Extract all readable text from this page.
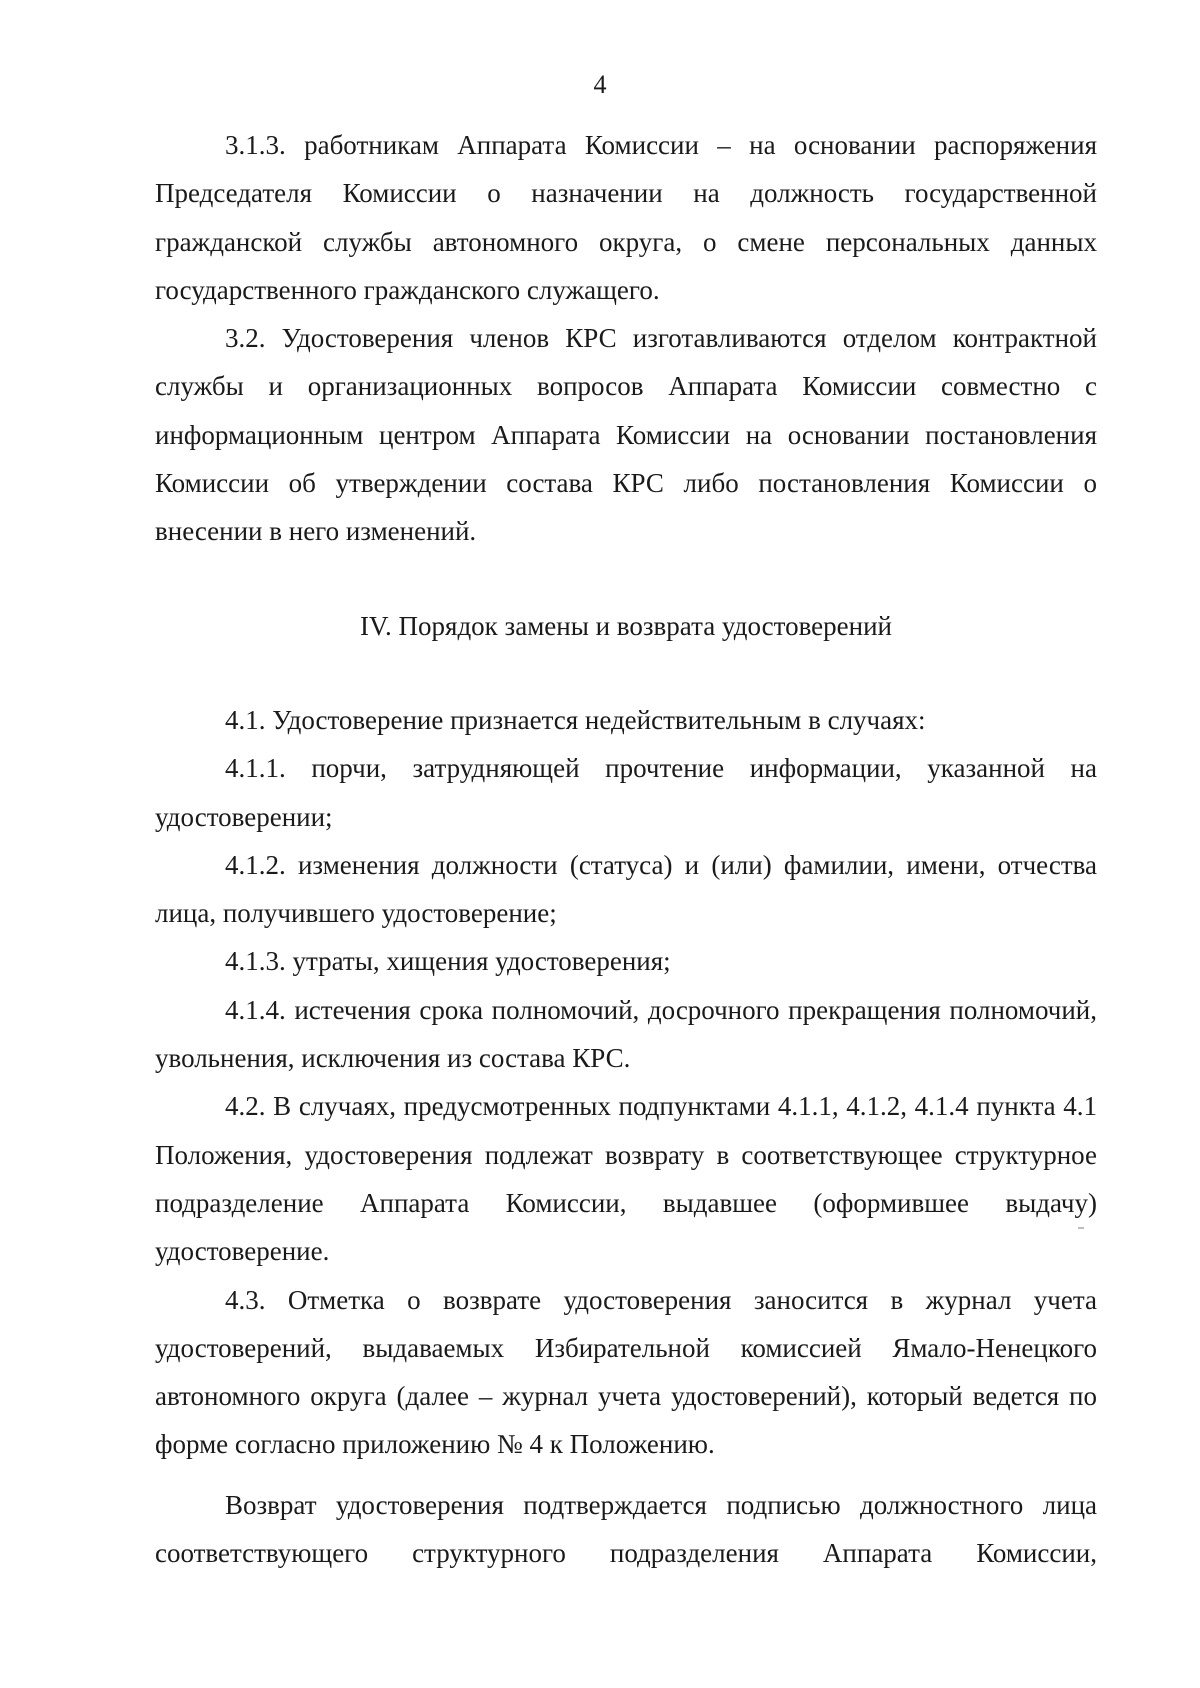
4

3.1.3. работникам Аппарата Комиссии – на основании распоряжения Председателя Комиссии о назначении на должность государственной гражданской службы автономного округа, о смене персональных данных государственного гражданского служащего.

3.2. Удостоверения членов КРС изготавливаются отделом контрактной службы и организационных вопросов Аппарата Комиссии совместно с информационным центром Аппарата Комиссии на основании постановления Комиссии об утверждении состава КРС либо постановления Комиссии о внесении в него изменений.

IV. Порядок замены и возврата удостоверений

4.1. Удостоверение признается недействительным в случаях:

4.1.1. порчи, затрудняющей прочтение информации, указанной на удостоверении;

4.1.2. изменения должности (статуса) и (или) фамилии, имени, отчества лица, получившего удостоверение;

4.1.3. утраты, хищения удостоверения;

4.1.4. истечения срока полномочий, досрочного прекращения полномочий, увольнения, исключения из состава КРС.

4.2. В случаях, предусмотренных подпунктами 4.1.1, 4.1.2, 4.1.4 пункта 4.1 Положения, удостоверения подлежат возврату в соответствующее структурное подразделение Аппарата Комиссии, выдавшее (оформившее выдачу) удостоверение.

4.3. Отметка о возврате удостоверения заносится в журнал учета удостоверений, выдаваемых Избирательной комиссией Ямало-Ненецкого автономного округа (далее – журнал учета удостоверений), который ведется по форме согласно приложению № 4 к Положению.

Возврат удостоверения подтверждается подписью должностного лица соответствующего структурного подразделения Аппарата Комиссии,
